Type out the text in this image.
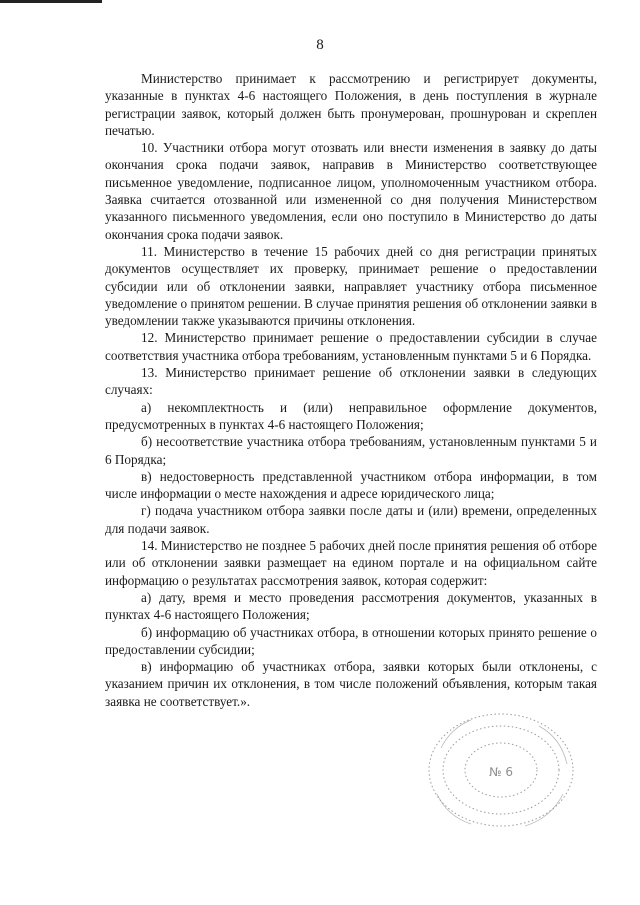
8

Министерство принимает к рассмотрению и регистрирует документы, указанные в пунктах 4-6 настоящего Положения, в день поступления в журнале регистрации заявок, который должен быть пронумерован, прошнурован и скреплен печатью.

10. Участники отбора могут отозвать или внести изменения в заявку до даты окончания срока подачи заявок, направив в Министерство соответствующее письменное уведомление, подписанное лицом, уполномоченным участником отбора. Заявка считается отозванной или измененной со дня получения Министерством указанного письменного уведомления, если оно поступило в Министерство до даты окончания срока подачи заявок.

11. Министерство в течение 15 рабочих дней со дня регистрации принятых документов осуществляет их проверку, принимает решение о предоставлении субсидии или об отклонении заявки, направляет участнику отбора письменное уведомление о принятом решении. В случае принятия решения об отклонении заявки в уведомлении также указываются причины отклонения.

12. Министерство принимает решение о предоставлении субсидии в случае соответствия участника отбора требованиям, установленным пунктами 5 и 6 Порядка.

13. Министерство принимает решение об отклонении заявки в следующих случаях:

а) некомплектность и (или) неправильное оформление документов, предусмотренных в пунктах 4-6 настоящего Положения;

б) несоответствие участника отбора требованиям, установленным пунктами 5 и 6 Порядка;

в) недостоверность представленной участником отбора информации, в том числе информации о месте нахождения и адресе юридического лица;

г) подача участником отбора заявки после даты и (или) времени, определенных для подачи заявок.

14. Министерство не позднее 5 рабочих дней после принятия решения об отборе или об отклонении заявки размещает на едином портале и на официальном сайте информацию о результатах рассмотрения заявок, которая содержит:

а) дату, время и место проведения рассмотрения документов, указанных в пунктах 4-6 настоящего Положения;

б) информацию об участниках отбора, в отношении которых принято решение о предоставлении субсидии;

в) информацию об участниках отбора, заявки которых были отклонены, с указанием причин их отклонения, в том числе положений объявления, которым такая заявка не соответствует.».

№ 6
